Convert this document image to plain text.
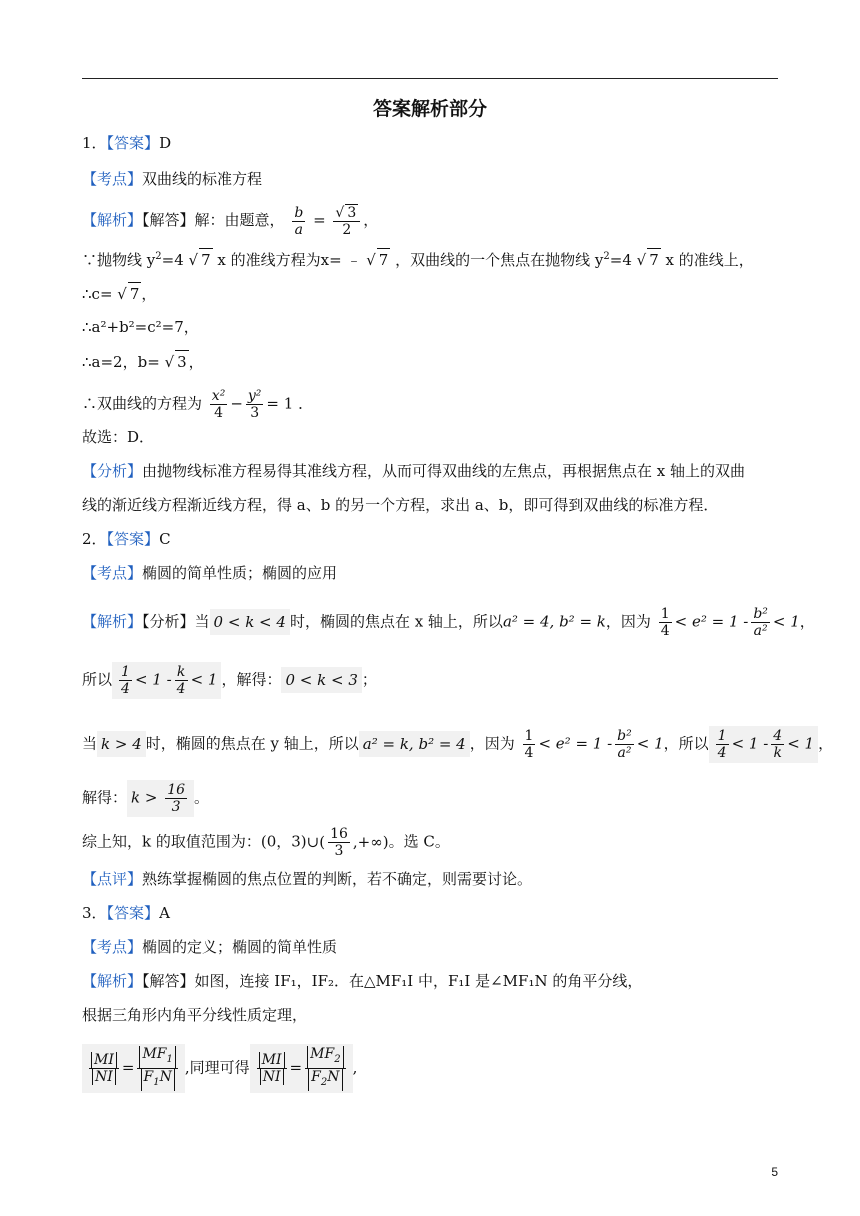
答案解析部分
1．【答案】D
【考点】双曲线的标准方程
【解析】【解答】解：由题意， $\frac{b}{a} = \frac{√ 3}{2}$ ，
∵抛物线 $y^2=4$ √ 7 x 的准线方程为x= ﹣ √ 7 ，双曲线的一个焦点在抛物线 $y^2=4$ √ 7 x 的准线上，
∴c= √ 7 ，
∴a²+b²=c²=7，
∴a=2，b= √ 3 ，
∴双曲线的方程为 $\frac{\text{x²}}{4} - \frac{\text{y²}}{3} = 1$ ．
故选：D．
【分析】由抛物线标准方程易得其准线方程，从而可得双曲线的左焦点，再根据焦点在 x 轴上的双曲
线的渐近线方程渐近线方程，得 a、b 的另一个方程，求出 a、b，即可得到双曲线的标准方程．
2．【答案】C
【考点】椭圆的简单性质；椭圆的应用
【解析】【分析】当 0 < k < 4 时，椭圆的焦点在 x 轴上，所以a² = 4, b² = k，因为 $\frac{1}{4} < e^2 = 1 - \frac{\text{b²}}{\text{a²}} < 1$，
所以 $\frac{1}{4} < 1 - \frac{k}{4} < 1$ ，解得： 0 < k < 3 ；
当 k > 4 时，椭圆的焦点在 y 轴上，所以 a² = k, b² = 4 ，因为 $\frac{1}{4} < e^2 = 1 - \frac{\text{b²}}{\text{a²}} < 1$，所以 $\frac{1}{4} < 1 - \frac{4}{k} < 1$ ，
解得： $k > \frac{16}{3}$ 。
综上知，k 的取值范围为：(0，3)∪( $\frac{16}{3}$ ,+∞)。选 C。
【点评】熟练掌握椭圆的焦点位置的判断，若不确定，则需要讨论。
3．【答案】A
【考点】椭圆的定义；椭圆的简单性质
【解析】【解答】如图，连接 IF₁，IF₂．在△MF₁I 中，F₁I 是∠MF₁N 的角平分线，
根据三角形内角平分线性质定理，
$\frac{MI}{NI} = \frac{MF_1}{F_1N}$ ,同理可得 $\frac{MI}{NI} = \frac{MF_2}{F_2N}$ ,
5
